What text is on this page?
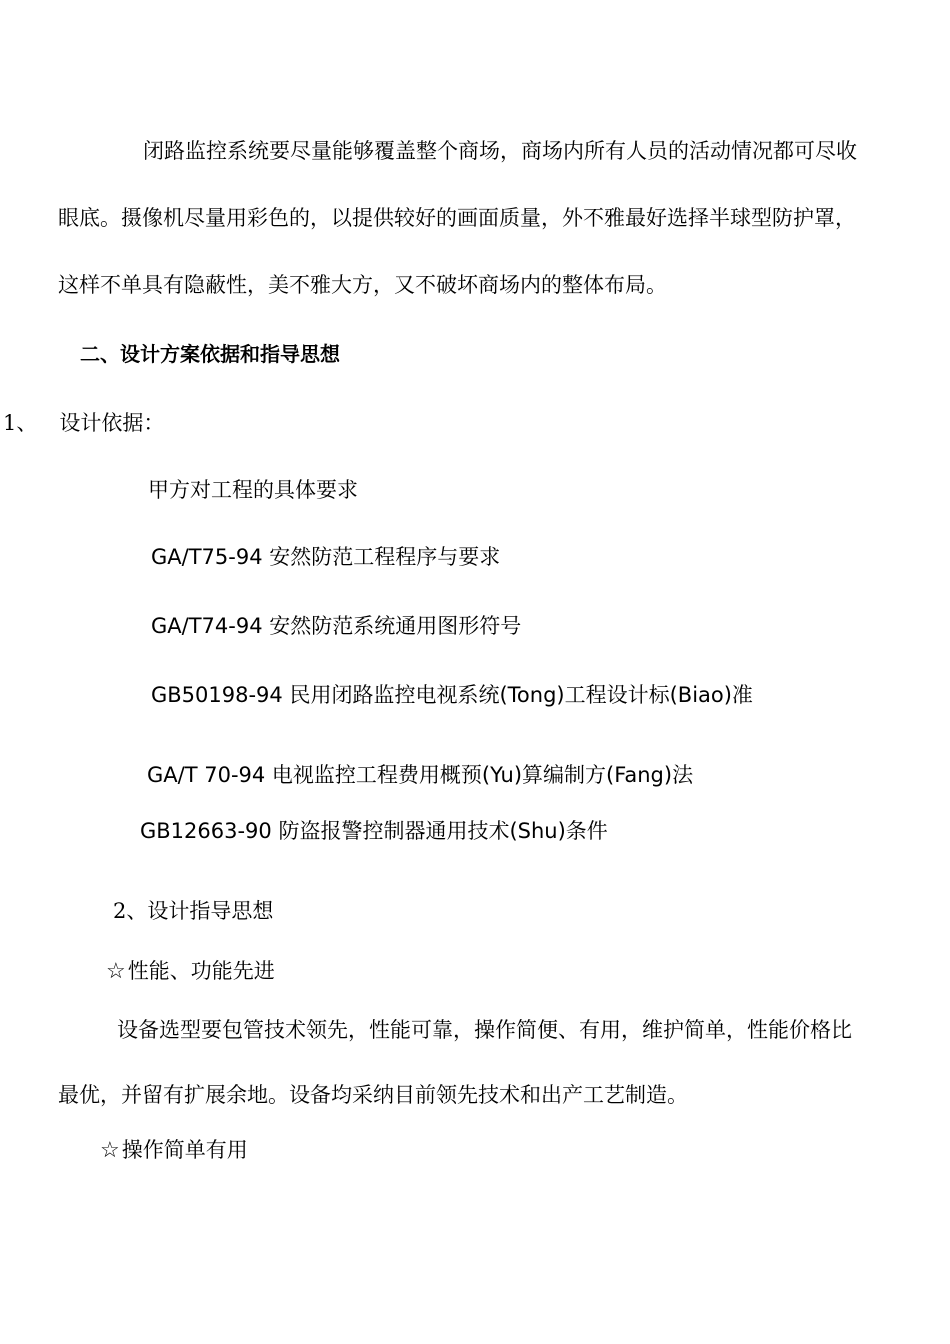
闭路监控系统要尽量能够覆盖整个商场，商场内所有人员的活动情况都可尽收
眼底。摄像机尽量用彩色的，以提供较好的画面质量，外不雅最好选择半球型防护罩，
这样不单具有隐蔽性，美不雅大方，又不破坏商场内的整体布局。
二、设计方案依据和指导思想
1、 设计依据：
甲方对工程的具体要求
GA/T75-94 安然防范工程程序与要求
GA/T74-94 安然防范系统通用图形符号
GB50198-94 民用闭路监控电视系统(Tong)工程设计标(Biao)准
GA/T 70-94 电视监控工程费用概预(Yu)算编制方(Fang)法
GB12663-90 防盗报警控制器通用技术(Shu)条件
2、设计指导思想
☆性能、功能先进
设备选型要包管技术领先，性能可靠，操作简便、有用，维护简单，性能价格比
最优，并留有扩展余地。设备均采纳目前领先技术和出产工艺制造。
☆操作简单有用
